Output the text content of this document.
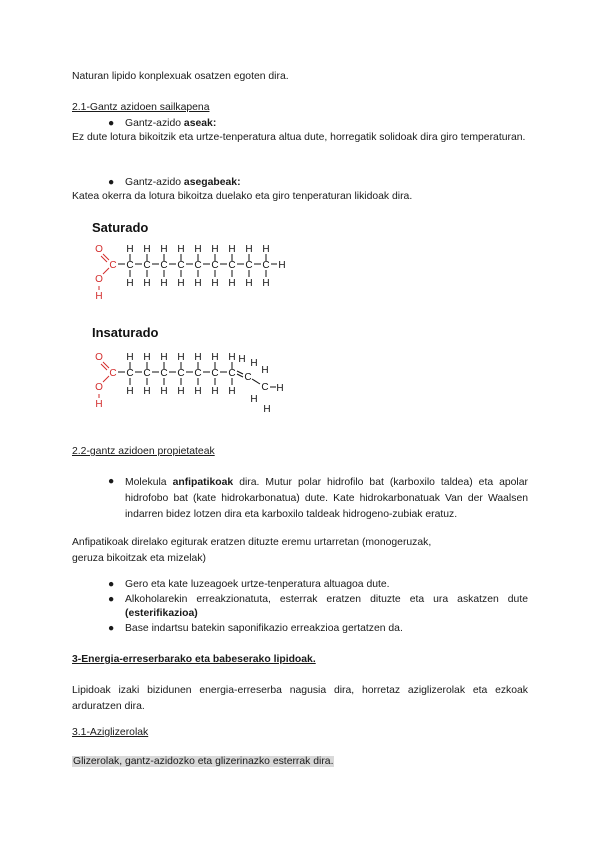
Naturan lipido konplexuak osatzen egoten dira.

2.1-Gantz azidoen sailkapena

● Gantz-azido aseak:

Ez dute lotura bikoitzik eta urtze-tenperatura altua dute, horregatik solidoak dira giro temperaturan.

● Gantz-azido asegabeak:

Katea okerra da lotura bikoitza duelako eta giro tenperaturan likidoak dira.

Saturado
O
O
H
C C
H
H
C
H
H
C
H
H
C
H
H
C
H
H
C
H
H
C
H
H
C
H
H
C
H
H
H
Insaturado
O
O
H
C C
H
H
C
H
H
C
H
H
C
H
H
C
H
H
C
H
H
C
H
H
C
H H
C
H
H
H
H

2.2-gantz azidoen propietateak

● Molekula anfipatikoak dira. Mutur polar hidrofilo bat (karboxilo taldea) eta apolar hidrofobo bat (kate hidrokarbonatua) dute. Kate hidrokarbonatuak Van der Waalsen indarren bidez lotzen dira eta karboxilo taldeak hidrogeno-zubiak eratuz.

Anfipatikoak direlako egiturak eratzen dituzte eremu urtarretan (monogeruzak, geruza bikoitzak eta mizelak)

● Gero eta kate luzeagoek urtze-tenperatura altuagoa dute.
● Alkoholarekin erreakzionatuta, esterrak eratzen dituzte eta ura askatzen dute
(esterifikazioa)
● Base indartsu batekin saponifikazio erreakzioa gertatzen da.

3-Energia-erreserbarako eta babeserako lipidoak.

Lipidoak izaki bizidunen energia-erreserba nagusia dira, horretaz aziglizerolak eta ezkoak arduratzen dira.

3.1-Aziglizerolak

Glizerolak, gantz-azidozko eta glizerinazko esterrak dira.
